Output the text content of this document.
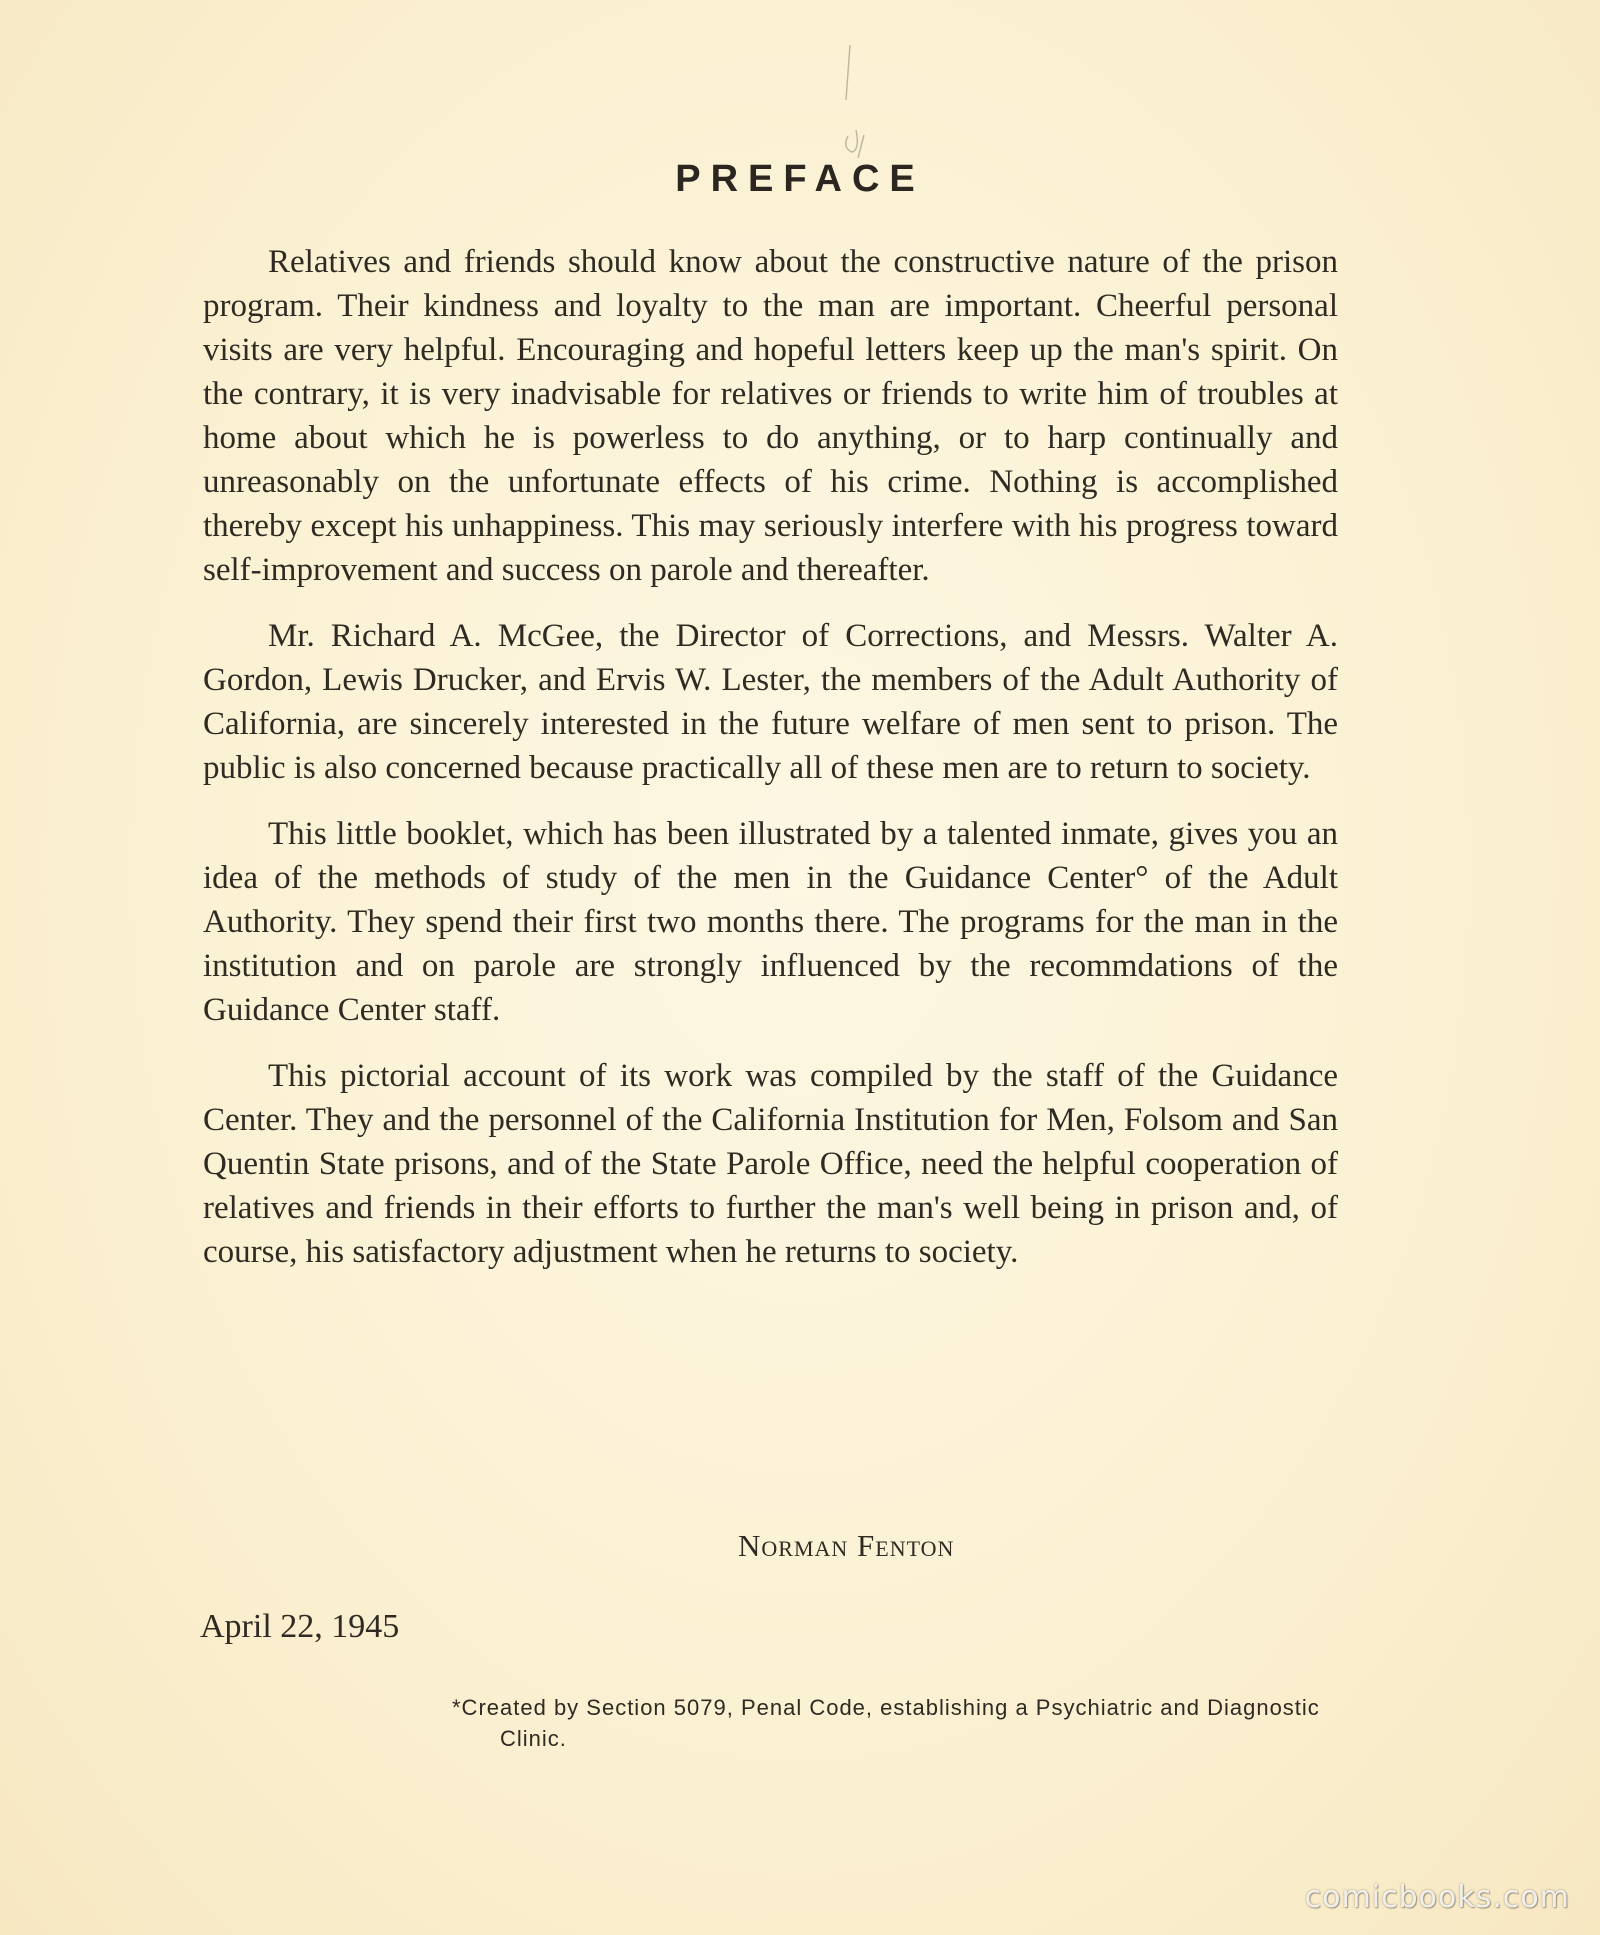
PREFACE

Relatives and friends should know about the constructive nature of the prison program. Their kindness and loyalty to the man are important. Cheerful personal visits are very helpful. Encouraging and hopeful letters keep up the man's spirit. On the contrary, it is very inadvisable for relatives or friends to write him of troubles at home about which he is powerless to do anything, or to harp continually and unreasonably on the unfortunate effects of his crime. Nothing is accomplished thereby except his unhappiness. This may seriously interfere with his progress toward self-improvement and success on parole and thereafter.

Mr. Richard A. McGee, the Director of Corrections, and Messrs. Walter A. Gordon, Lewis Drucker, and Ervis W. Lester, the members of the Adult Authority of California, are sincerely interested in the future welfare of men sent to prison. The public is also concerned because practically all of these men are to return to society.

This little booklet, which has been illustrated by a talented inmate, gives you an idea of the methods of study of the men in the Guidance Center° of the Adult Authority. They spend their first two months there. The programs for the man in the institution and on parole are strongly influenced by the recommdations of the Guidance Center staff.

This pictorial account of its work was compiled by the staff of the Guidance Center. They and the personnel of the California Institution for Men, Folsom and San Quentin State prisons, and of the State Parole Office, need the helpful cooperation of relatives and friends in their efforts to further the man's well being in prison and, of course, his satisfactory adjustment when he returns to society.

Norman Fenton
April 22, 1945
*Created by Section 5079, Penal Code, establishing a Psychiatric and Diagnostic Clinic.
comicbooks.com
